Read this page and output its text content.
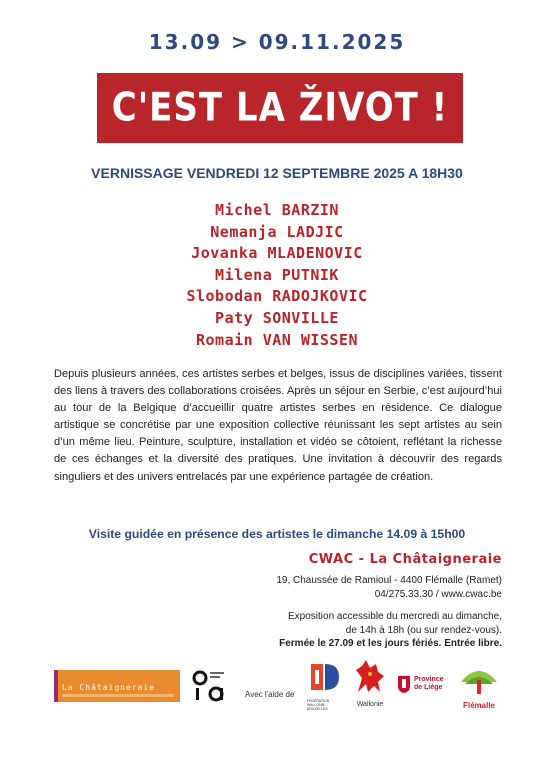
13.09 > 09.11.2025
C'EST LA ŽIVOT !
VERNISSAGE VENDREDI 12 SEPTEMBRE 2025 A 18H30
Michel BARZIN
Nemanja LADJIC
Jovanka MLADENOVIC
Milena PUTNIK
Slobodan RADOJKOVIC
Paty SONVILLE
Romain VAN WISSEN

Depuis plusieurs années, ces artistes serbes et belges, issus de disciplines variées, tissent des liens à travers des collaborations croisées. Après un séjour en Serbie, c’est aujourd’hui au tour de la Belgique d’accueillir quatre artistes serbes en résidence. Ce dialogue artistique se concrétise par une exposition collective réunissant les sept artistes au sein d’un même lieu. Peinture, sculpture, installation et vidéo se côtoient, reflétant la richesse de ces échanges et la diversité des pratiques. Une invitation à découvrir des regards singuliers et des univers entrelacés par une expérience partagée de création.

Visite guidée en présence des artistes le dimanche 14.09 à 15h00
CWAC - La Châtaigneraie
19, Chaussée de Ramioul - 4400 Flémalle (Ramet)
04/275.33.30 / www.cwac.be
Exposition accessible du mercredi au dimanche,
de 14h à 18h (ou sur rendez-vous).
Fermée le 27.09 et les jours fériés. Entrée libre.
La Châtaigneraie
Avec l'aide de
FÉDÉRATION WALLONIE-BRUXELLES
Wallonie
Province de Liège
Flémalle
